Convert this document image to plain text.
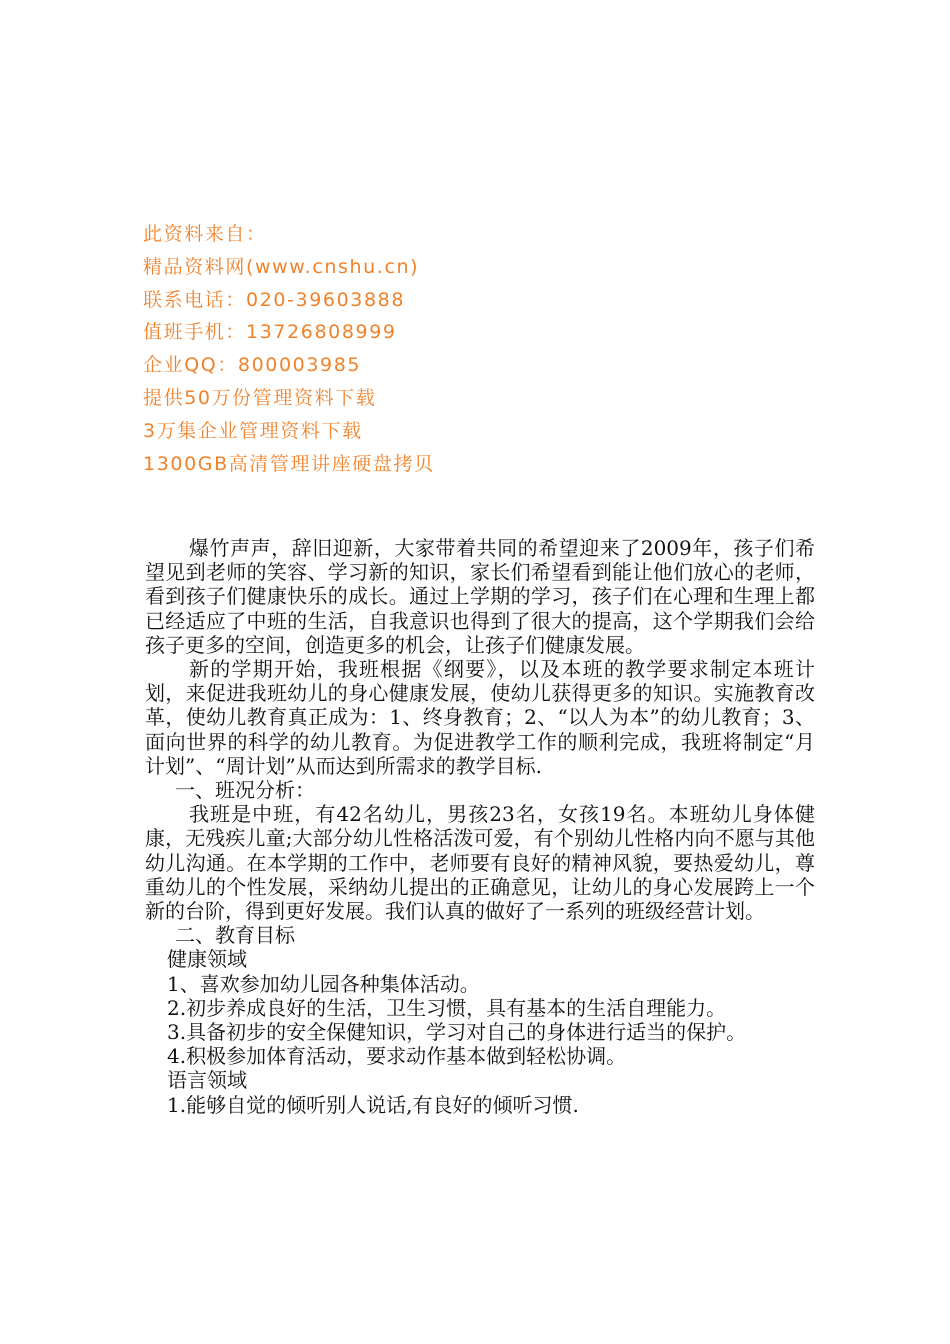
此资料来自：
精品资料网(www.cnshu.cn)
联系电话：020-39603888
值班手机：13726808999
企业QQ：800003985
提供50万份管理资料下载
3万集企业管理资料下载
1300GB高清管理讲座硬盘拷贝

爆竹声声，辞旧迎新，大家带着共同的希望迎来了2009年，孩子们希望见到老师的笑容、学习新的知识，家长们希望看到能让他们放心的老师，看到孩子们健康快乐的成长。通过上学期的学习，孩子们在心理和生理上都已经适应了中班的生活，自我意识也得到了很大的提高，这个学期我们会给孩子更多的空间，创造更多的机会，让孩子们健康发展。

新的学期开始，我班根据《纲要》，以及本班的教学要求制定本班计划，来促进我班幼儿的身心健康发展，使幼儿获得更多的知识。实施教育改革，使幼儿教育真正成为：1、终身教育；2、“以人为本”的幼儿教育；3、面向世界的科学的幼儿教育。为促进教学工作的顺利完成，我班将制定“月计划”、“周计划”从而达到所需求的教学目标.

一、班况分析：

我班是中班，有42名幼儿，男孩23名，女孩19名。本班幼儿身体健康，无残疾儿童;大部分幼儿性格活泼可爱，有个别幼儿性格内向不愿与其他幼儿沟通。在本学期的工作中，老师要有良好的精神风貌，要热爱幼儿，尊重幼儿的个性发展，采纳幼儿提出的正确意见，让幼儿的身心发展跨上一个新的台阶，得到更好发展。我们认真的做好了一系列的班级经营计划。

二、教育目标

健康领域

1、喜欢参加幼儿园各种集体活动。

2.初步养成良好的生活，卫生习惯，具有基本的生活自理能力。

3.具备初步的安全保健知识，学习对自己的身体进行适当的保护。

4.积极参加体育活动，要求动作基本做到轻松协调。

语言领域

1.能够自觉的倾听别人说话,有良好的倾听习惯.
